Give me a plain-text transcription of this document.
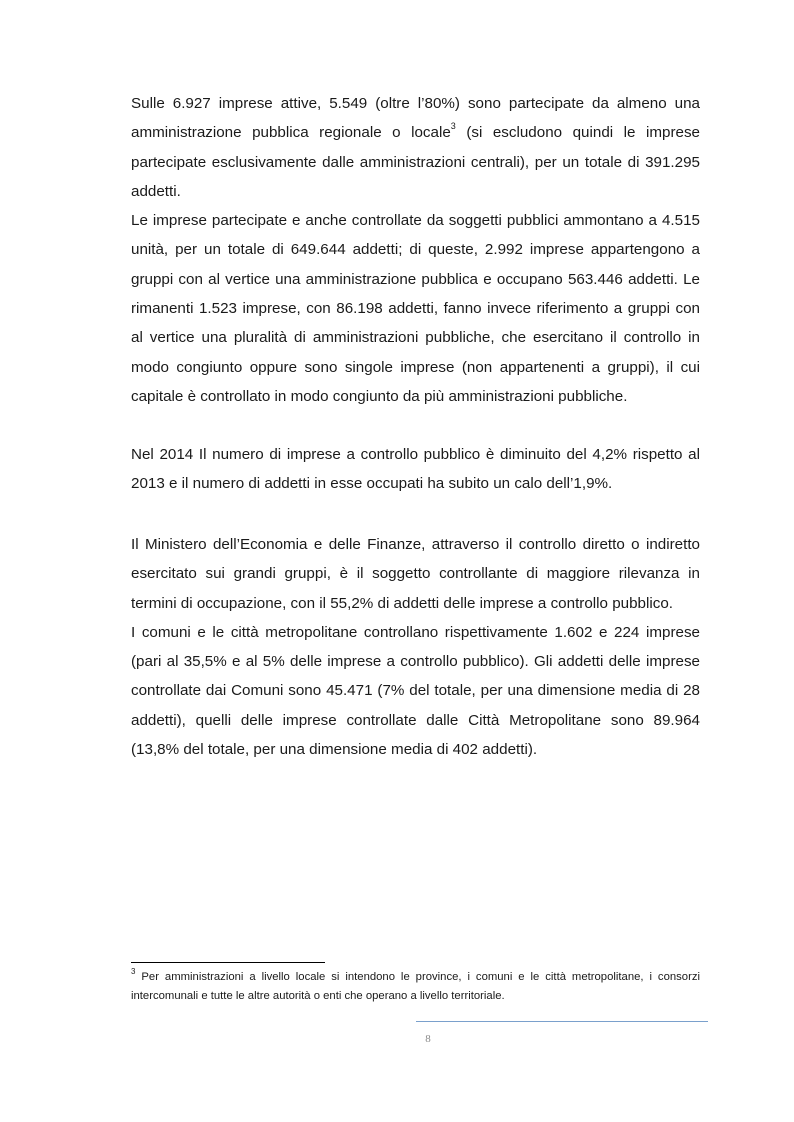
Sulle 6.927 imprese attive, 5.549 (oltre l’80%) sono partecipate da almeno una amministrazione pubblica regionale o locale$^3$ (si escludono quindi le imprese partecipate esclusivamente dalle amministrazioni centrali), per un totale di 391.295 addetti.

Le imprese partecipate e anche controllate da soggetti pubblici ammontano a 4.515 unità, per un totale di 649.644 addetti; di queste, 2.992 imprese appartengono a gruppi con al vertice una amministrazione pubblica e occupano 563.446 addetti. Le rimanenti 1.523 imprese, con 86.198 addetti, fanno invece riferimento a gruppi con al vertice una pluralità di amministrazioni pubbliche, che esercitano il controllo in modo congiunto oppure sono singole imprese (non appartenenti a gruppi), il cui capitale è controllato in modo congiunto da più amministrazioni pubbliche.

Nel 2014 Il numero di imprese a controllo pubblico è diminuito del 4,2% rispetto al 2013 e il numero di addetti in esse occupati ha subito un calo dell’1,9%.

Il Ministero dell’Economia e delle Finanze, attraverso il controllo diretto o indiretto esercitato sui grandi gruppi, è il soggetto controllante di maggiore rilevanza in termini di occupazione, con il 55,2% di addetti delle imprese a controllo pubblico.

I comuni e le città metropolitane controllano rispettivamente 1.602 e 224 imprese (pari al 35,5% e al 5% delle imprese a controllo pubblico). Gli addetti delle imprese controllate dai Comuni sono 45.471 (7% del totale, per una dimensione media di 28 addetti), quelli delle imprese controllate dalle Città Metropolitane sono 89.964 (13,8% del totale, per una dimensione media di 402 addetti).

$^3$ Per amministrazioni a livello locale si intendono le province, i comuni e le città metropolitane, i consorzi intercomunali e tutte le altre autorità o enti che operano a livello territoriale.
8
